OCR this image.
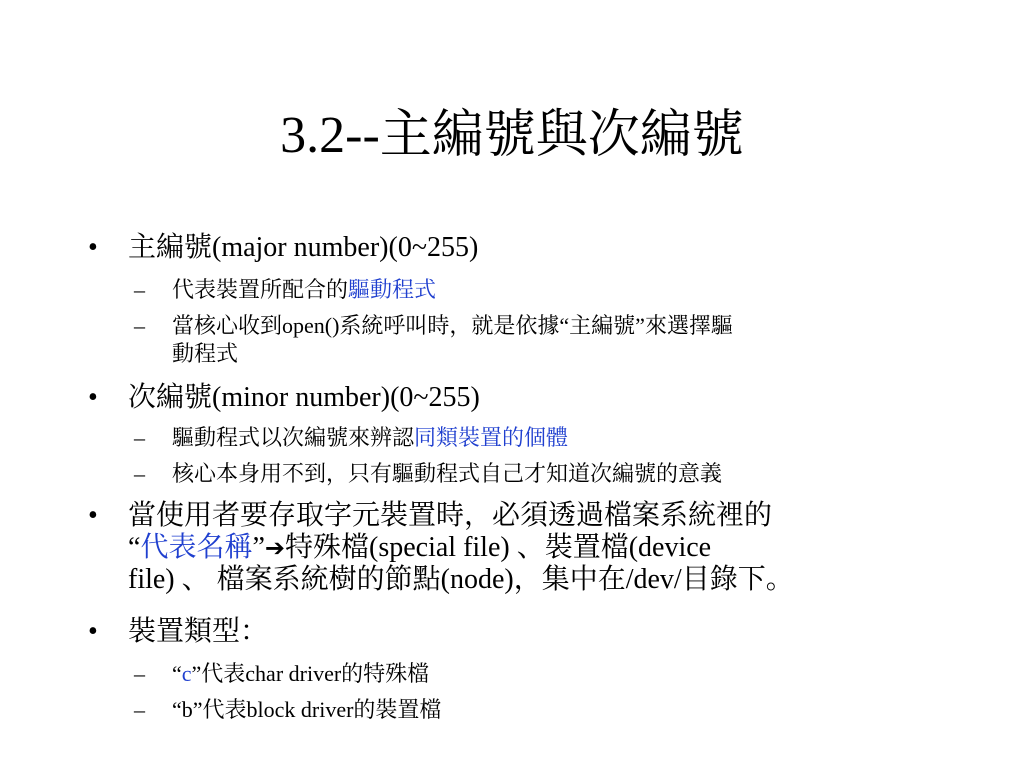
3.2--主編號與次編號
• 主編號(major number)(0~255)
– 代表裝置所配合的驅動程式
– 當核心收到open()系統呼叫時，就是依據“主編號”來選擇驅
動程式
• 次編號(minor number)(0~255)
– 驅動程式以次編號來辨認同類裝置的個體
– 核心本身用不到，只有驅動程式自己才知道次編號的意義
• 當使用者要存取字元裝置時，必須透過檔案系統裡的
“代表名稱”➔特殊檔(special file) 、裝置檔(device
file) 、 檔案系統樹的節點(node)，集中在/dev/目錄下。
• 裝置類型：
– “c”代表char driver的特殊檔
– “b”代表block driver的裝置檔
